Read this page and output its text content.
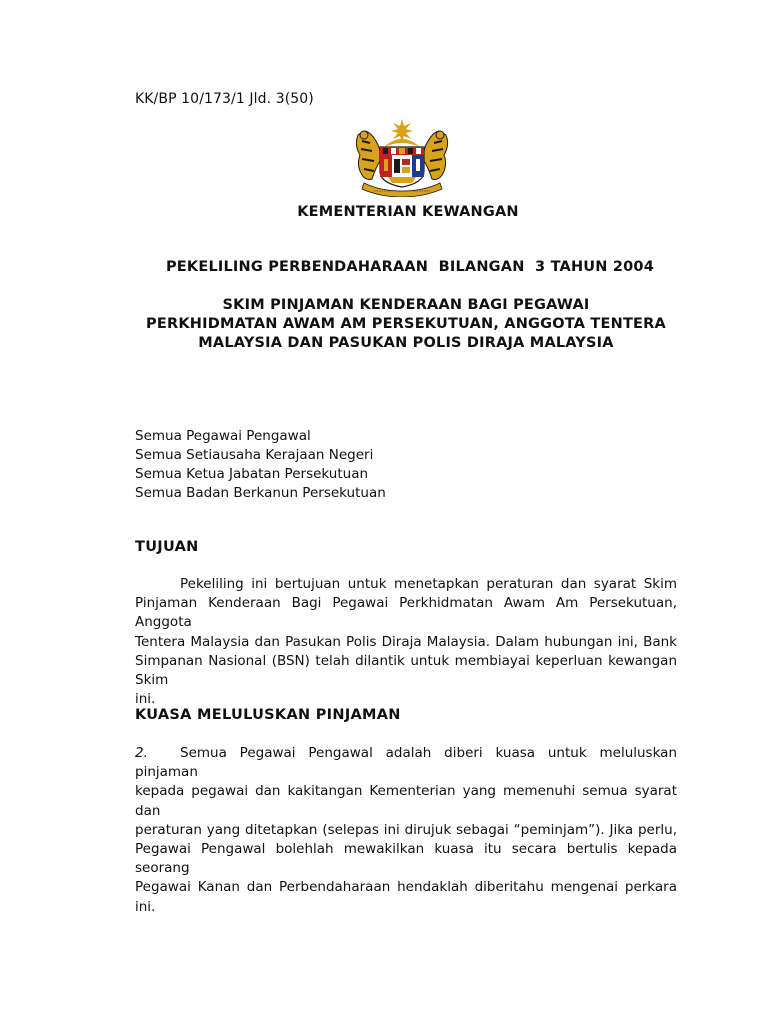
KK/BP 10/173/1 Jld. 3(50)
KEMENTERIAN KEWANGAN
PEKELILING PERBENDAHARAAN  BILANGAN  3 TAHUN 2004
SKIM PINJAMAN KENDERAAN BAGI PEGAWAI
PERKHIDMATAN AWAM AM PERSEKUTUAN, ANGGOTA TENTERA
MALAYSIA DAN PASUKAN POLIS DIRAJA MALAYSIA
Semua Pegawai Pengawal
Semua Setiausaha Kerajaan Negeri
Semua Ketua Jabatan Persekutuan
Semua Badan Berkanun Persekutuan
TUJUAN
Pekeliling ini bertujuan untuk menetapkan peraturan dan syarat Skim
Pinjaman Kenderaan Bagi Pegawai Perkhidmatan Awam Am Persekutuan, Anggota
Tentera Malaysia dan Pasukan Polis Diraja Malaysia. Dalam hubungan ini, Bank
Simpanan Nasional (BSN) telah dilantik untuk membiayai keperluan kewangan Skim
ini.
KUASA MELULUSKAN PINJAMAN
2. Semua Pegawai Pengawal adalah diberi kuasa untuk meluluskan pinjaman
kepada pegawai dan kakitangan Kementerian yang memenuhi semua syarat dan
peraturan yang ditetapkan (selepas ini dirujuk sebagai “peminjam”). Jika perlu,
Pegawai Pengawal bolehlah mewakilkan kuasa itu secara bertulis kepada seorang
Pegawai Kanan dan Perbendaharaan hendaklah diberitahu mengenai perkara ini.
